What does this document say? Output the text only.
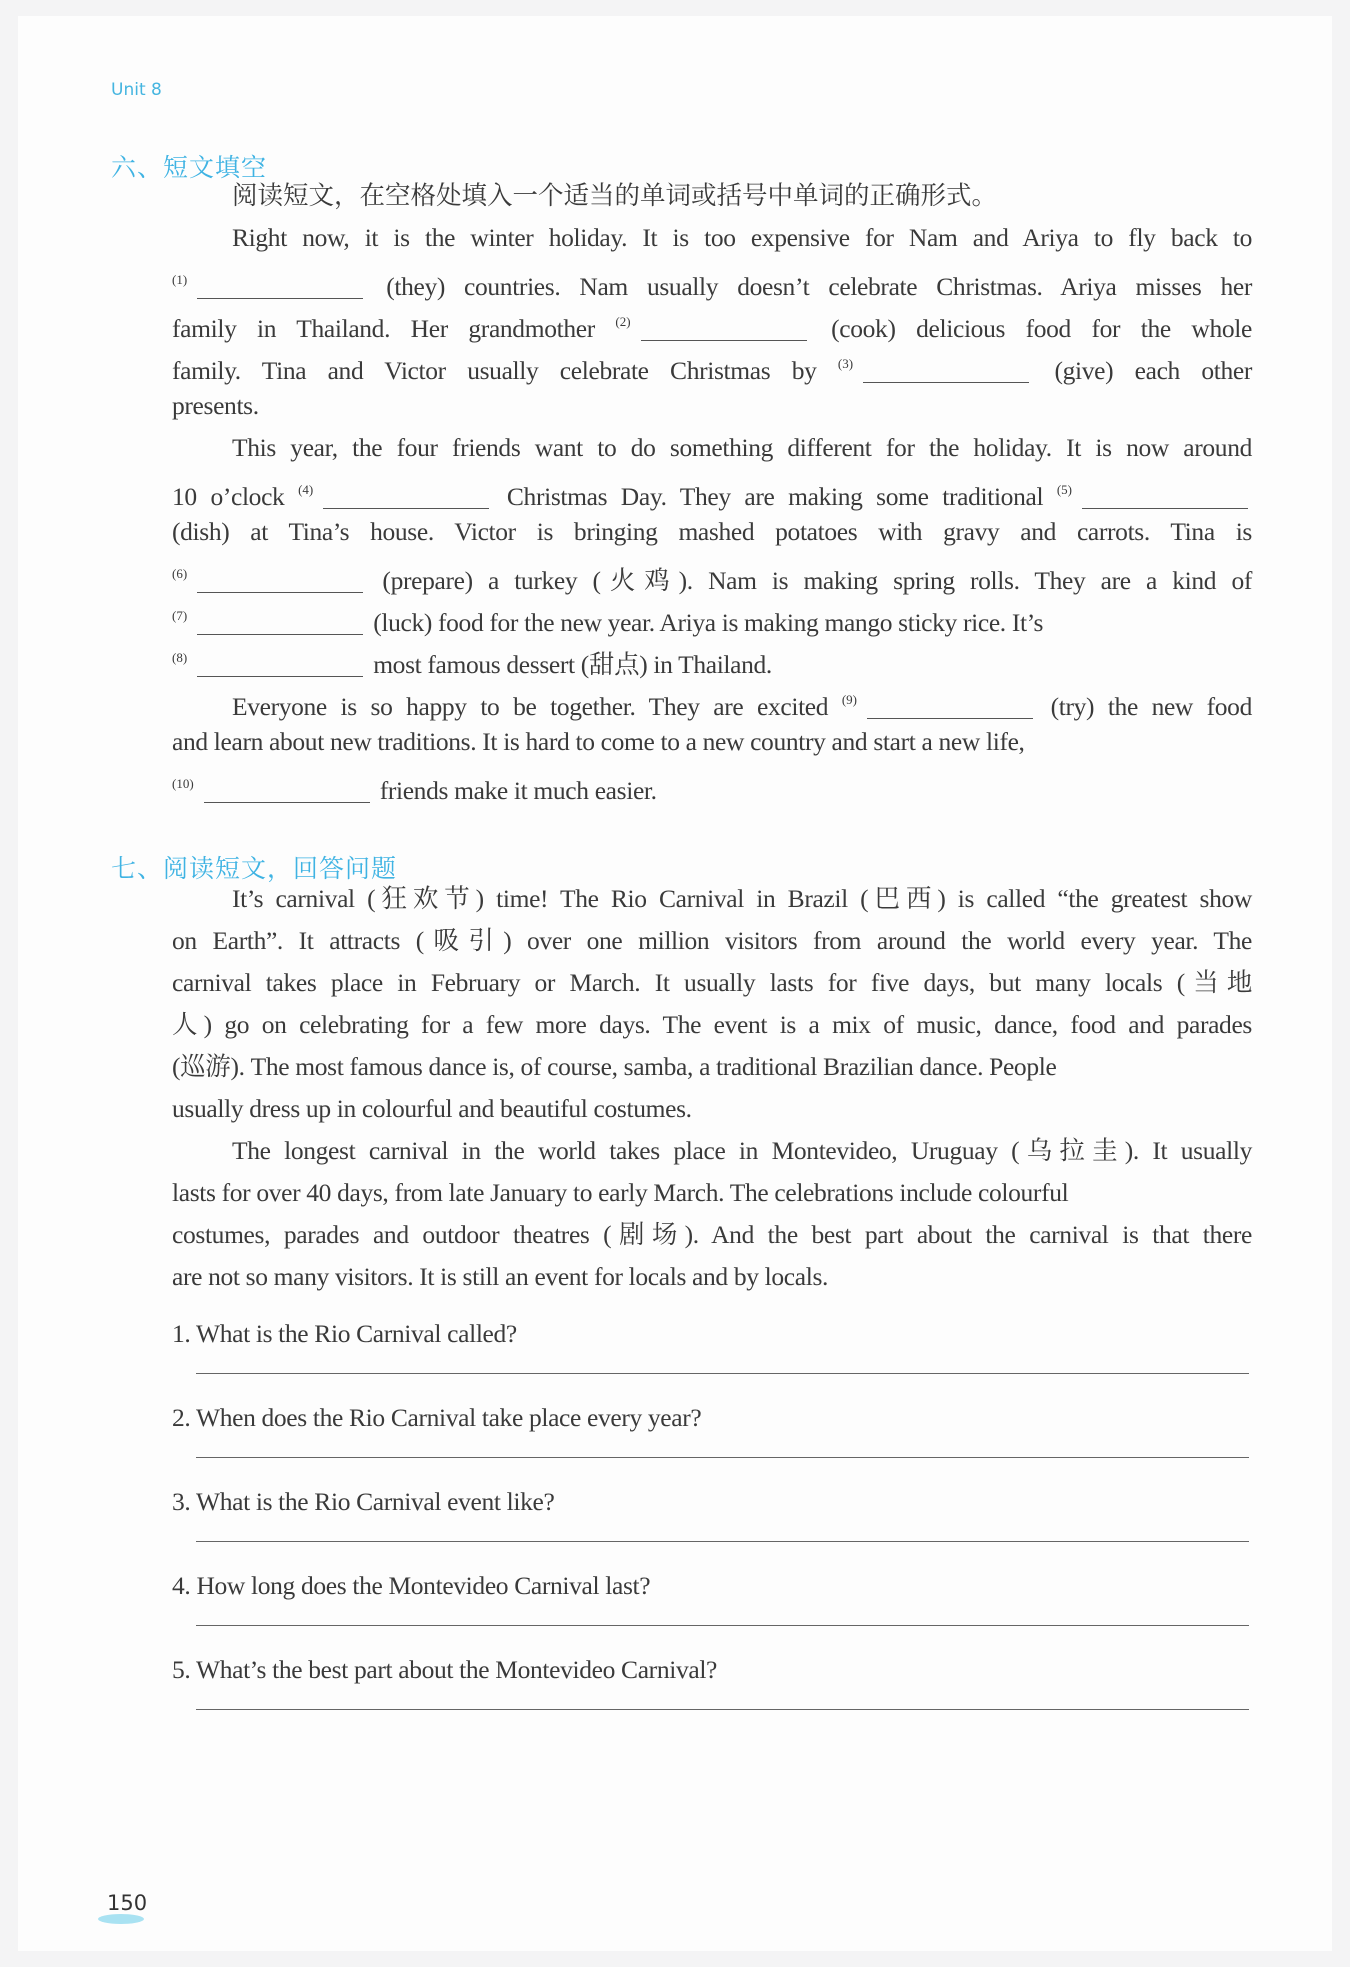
Unit 8
六、短文填空
阅读短文，在空格处填入一个适当的单词或括号中单词的正确形式。
Right now, it is the winter holiday. It is too expensive for Nam and Ariya to fly back to
$^{(1)}$	(they) countries. Nam usually doesn’t celebrate Christmas. Ariya misses her
family in Thailand. Her grandmother $^{(2)}$	(cook) delicious food for the whole
family. Tina and Victor usually celebrate Christmas by $^{(3)}$	(give) each other
presents.
This year, the four friends want to do something different for the holiday. It is now around
10 o’clock $^{(4)}$	Christmas Day. They are making some traditional $^{(5)}$
(dish) at Tina’s house. Victor is bringing mashed potatoes with gravy and carrots. Tina is
$^{(6)}$	(prepare) a turkey (火鸡). Nam is making spring rolls. They are a kind of
$^{(7)}$	(luck) food for the new year. Ariya is making mango sticky rice. It’s
$^{(8)}$	most famous dessert (甜点) in Thailand.
Everyone is so happy to be together. They are excited $^{(9)}$	(try) the new food
and learn about new traditions. It is hard to come to a new country and start a new life,
$^{(10)}$	friends make it much easier.
七、阅读短文，回答问题
It’s carnival (狂欢节) time! The Rio Carnival in Brazil (巴西) is called “the greatest show
on Earth”. It attracts (吸引) over one million visitors from around the world every year. The
carnival takes place in February or March. It usually lasts for five days, but many locals (当地
人) go on celebrating for a few more days. The event is a mix of music, dance, food and parades
(巡游). The most famous dance is, of course, samba, a traditional Brazilian dance. People
usually dress up in colourful and beautiful costumes.
The longest carnival in the world takes place in Montevideo, Uruguay (乌拉圭). It usually
lasts for over 40 days, from late January to early March. The celebrations include colourful
costumes, parades and outdoor theatres (剧场). And the best part about the carnival is that there
are not so many visitors. It is still an event for locals and by locals.
1. What is the Rio Carnival called?
2. When does the Rio Carnival take place every year?
3. What is the Rio Carnival event like?
4. How long does the Montevideo Carnival last?
5. What’s the best part about the Montevideo Carnival?
150
